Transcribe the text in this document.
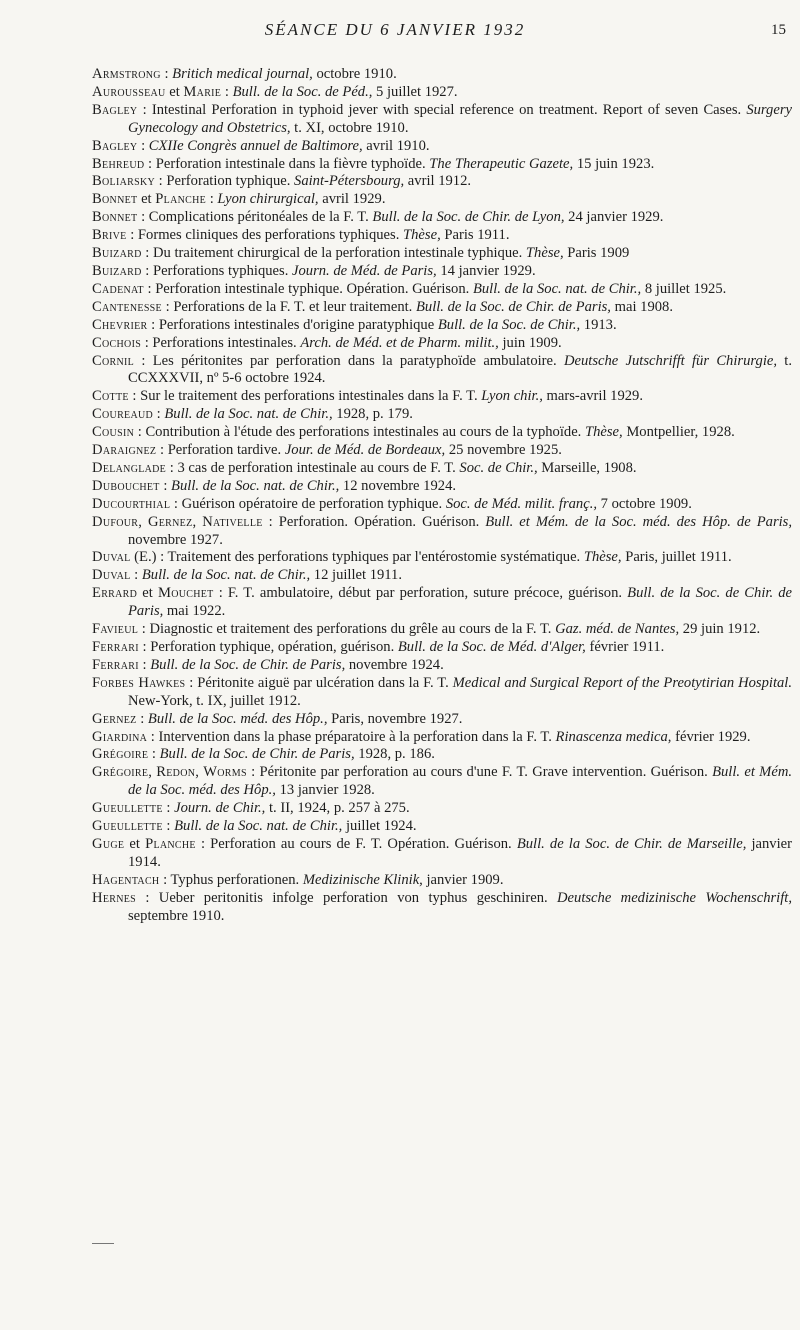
SÉANCE DU 6 JANVIER 1932	15

Armstrong : Britich medical journal, octobre 1910.

Aurousseau et Marie : Bull. de la Soc. de Péd., 5 juillet 1927.

Bagley : Intestinal Perforation in typhoid jever with special reference on treatment. Report of seven Cases. Surgery Gynecology and Obstetrics, t. XI, octobre 1910.

Bagley : CXIIe Congrès annuel de Baltimore, avril 1910.

Behreud : Perforation intestinale dans la fièvre typhoïde. The Therapeutic Gazete, 15 juin 1923.

Boliarsky : Perforation typhique. Saint-Pétersbourg, avril 1912.

Bonnet et Planche : Lyon chirurgical, avril 1929.

Bonnet : Complications péritonéales de la F. T. Bull. de la Soc. de Chir. de Lyon, 24 janvier 1929.

Brive : Formes cliniques des perforations typhiques. Thèse, Paris 1911.

Buizard : Du traitement chirurgical de la perforation intestinale typhique. Thèse, Paris 1909

Buizard : Perforations typhiques. Journ. de Méd. de Paris, 14 janvier 1929.

Cadenat : Perforation intestinale typhique. Opération. Guérison. Bull. de la Soc. nat. de Chir., 8 juillet 1925.

Cantenesse : Perforations de la F. T. et leur traitement. Bull. de la Soc. de Chir. de Paris, mai 1908.

Chevrier : Perforations intestinales d'origine paratyphique Bull. de la Soc. de Chir., 1913.

Cochois : Perforations intestinales. Arch. de Méd. et de Pharm. milit., juin 1909.

Cornil : Les péritonites par perforation dans la paratyphoïde ambulatoire. Deutsche Jutschrifft für Chirurgie, t. CCXXXVII, nº 5-6 octobre 1924.

Cotte : Sur le traitement des perforations intestinales dans la F. T. Lyon chir., mars-avril 1929.

Coureaud : Bull. de la Soc. nat. de Chir., 1928, p. 179.

Cousin : Contribution à l'étude des perforations intestinales au cours de la typhoïde. Thèse, Montpellier, 1928.

Daraignez : Perforation tardive. Jour. de Méd. de Bordeaux, 25 novembre 1925.

Delanglade : 3 cas de perforation intestinale au cours de F. T. Soc. de Chir., Marseille, 1908.

Dubouchet : Bull. de la Soc. nat. de Chir., 12 novembre 1924.

Ducourthial : Guérison opératoire de perforation typhique. Soc. de Méd. milit. franç., 7 octobre 1909.

Dufour, Gernez, Nativelle : Perforation. Opération. Guérison. Bull. et Mém. de la Soc. méd. des Hôp. de Paris, novembre 1927.

Duval (E.) : Traitement des perforations typhiques par l'entérostomie systématique. Thèse, Paris, juillet 1911.

Duval : Bull. de la Soc. nat. de Chir., 12 juillet 1911.

Errard et Mouchet : F. T. ambulatoire, début par perforation, suture précoce, guérison. Bull. de la Soc. de Chir. de Paris, mai 1922.

Favieul : Diagnostic et traitement des perforations du grêle au cours de la F. T. Gaz. méd. de Nantes, 29 juin 1912.

Ferrari : Perforation typhique, opération, guérison. Bull. de la Soc. de Méd. d'Alger, février 1911.

Ferrari : Bull. de la Soc. de Chir. de Paris, novembre 1924.

Forbes Hawkes : Péritonite aiguë par ulcération dans la F. T. Medical and Surgical Report of the Preotytirian Hospital. New-York, t. IX, juillet 1912.

Gernez : Bull. de la Soc. méd. des Hôp., Paris, novembre 1927.

Giardina : Intervention dans la phase préparatoire à la perforation dans la F. T. Rinascenza medica, février 1929.

Grégoire : Bull. de la Soc. de Chir. de Paris, 1928, p. 186.

Grégoire, Redon, Worms : Péritonite par perforation au cours d'une F. T. Grave intervention. Guérison. Bull. et Mém. de la Soc. méd. des Hôp., 13 janvier 1928.

Gueullette : Journ. de Chir., t. II, 1924, p. 257 à 275.

Gueullette : Bull. de la Soc. nat. de Chir., juillet 1924.

Guge et Planche : Perforation au cours de F. T. Opération. Guérison. Bull. de la Soc. de Chir. de Marseille, janvier 1914.

Hagentach : Typhus perforationen. Medizinische Klinik, janvier 1909.

Hernes : Ueber peritonitis infolge perforation von typhus geschiniren. Deutsche medizinische Wochenschrift, septembre 1910.
